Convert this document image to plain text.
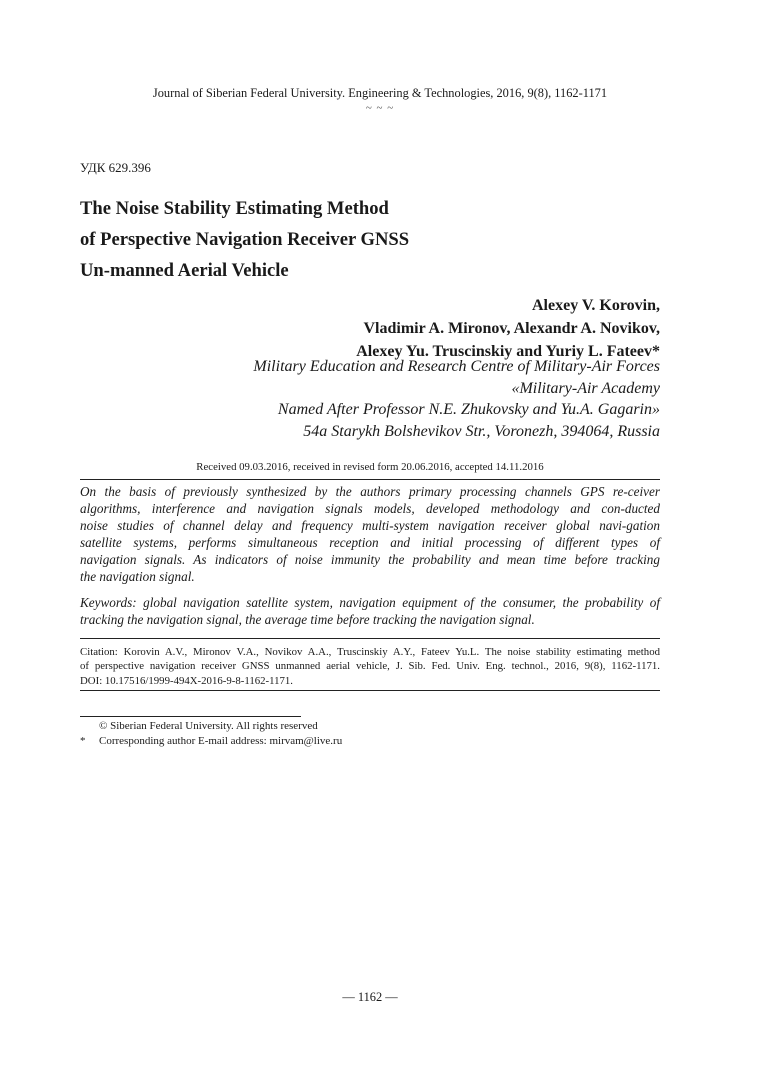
Journal of Siberian Federal University. Engineering & Technologies, 2016, 9(8), 1162-1171
~ ~ ~
УДК 629.396
The Noise Stability Estimating Method
of Perspective Navigation Receiver GNSS
Un-manned Aerial Vehicle
Alexey V. Korovin,
Vladimir A. Mironov, Alexandr A. Novikov,
Alexey Yu. Truscinskiy and Yuriy L. Fateev*
Military Education and Research Centre of Military-Air Forces
«Military-Air Academy
Named After Professor N.E. Zhukovsky and Yu.A. Gagarin»
54a Starykh Bolshevikov Str., Voronezh, 394064, Russia
Received 09.03.2016, received in revised form 20.06.2016, accepted 14.11.2016
On the basis of previously synthesized by the authors primary processing channels GPS re-ceiver
algorithms, interference and navigation signals models, developed methodology and con-ducted
noise studies of channel delay and frequency multi-system navigation receiver global navi-gation
satellite systems, performs simultaneous reception and initial processing of different types of
navigation signals. As indicators of noise immunity the probability and mean time before tracking
the navigation signal.
Keywords: global navigation satellite system, navigation equipment of the consumer, the probability of
tracking the navigation signal, the average time before tracking the navigation signal.
Citation: Korovin A.V., Mironov V.A., Novikov A.A., Truscinskiy A.Y., Fateev Yu.L. The noise stability estimating method
of perspective navigation receiver GNSS unmanned aerial vehicle, J. Sib. Fed. Univ. Eng. technol., 2016, 9(8), 1162-1171.
DOI: 10.17516/1999-494X-2016-9-8-1162-1171.
© Siberian Federal University. All rights reserved
* Corresponding author E-mail address: mirvam@live.ru
— 1162 —
